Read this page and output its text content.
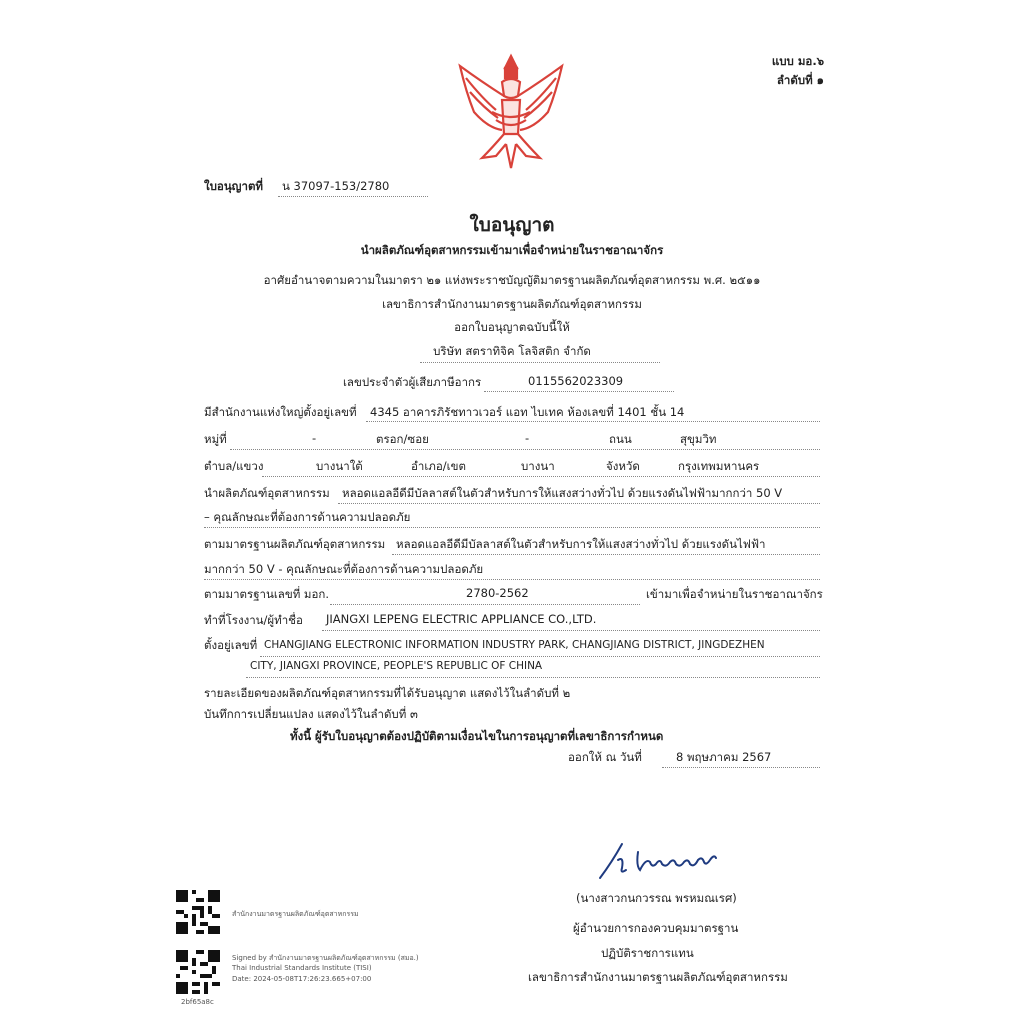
แบบ มอ.๖
ลำดับที่ ๑
ใบอนุญาตที่ น 37097-153/2780
ใบอนุญาต
นำผลิตภัณฑ์อุตสาหกรรมเข้ามาเพื่อจำหน่ายในราชอาณาจักร
อาศัยอำนาจตามความในมาตรา ๒๑ แห่งพระราชบัญญัติมาตรฐานผลิตภัณฑ์อุตสาหกรรม พ.ศ. ๒๕๑๑
เลขาธิการสำนักงานมาตรฐานผลิตภัณฑ์อุตสาหกรรม
ออกใบอนุญาตฉบับนี้ให้
บริษัท สตราทิจิค โลจิสติก จำกัด
เลขประจำตัวผู้เสียภาษีอากร	0115562023309
มีสำนักงานแห่งใหญ่ตั้งอยู่เลขที่ 4345 อาคารภิรัชทาวเวอร์ แอท ไบเทค ห้องเลขที่ 1401 ชั้น 14
หมู่ที่	-	ตรอก/ซอย	-	ถนน	สุขุมวิท
ตำบล/แขวง	บางนาใต้	อำเภอ/เขต	บางนา	จังหวัด	กรุงเทพมหานคร
นำผลิตภัณฑ์อุตสาหกรรม หลอดแอลอีดีมีบัลลาสต์ในตัวสำหรับการให้แสงสว่างทั่วไป ด้วยแรงดันไฟฟ้ามากกว่า 50 V
– คุณลักษณะที่ต้องการด้านความปลอดภัย
ตามมาตรฐานผลิตภัณฑ์อุตสาหกรรม หลอดแอลอีดีมีบัลลาสต์ในตัวสำหรับการให้แสงสว่างทั่วไป ด้วยแรงดันไฟฟ้า
มากกว่า 50 V - คุณลักษณะที่ต้องการด้านความปลอดภัย
ตามมาตรฐานเลขที่ มอก.	2780-2562	เข้ามาเพื่อจำหน่ายในราชอาณาจักร
ทำที่โรงงาน/ผู้ทำชื่อ JIANGXI LEPENG ELECTRIC APPLIANCE CO.,LTD.
ตั้งอยู่เลขที่ CHANGJIANG ELECTRONIC INFORMATION INDUSTRY PARK, CHANGJIANG DISTRICT, JINGDEZHEN
CITY, JIANGXI PROVINCE, PEOPLE'S REPUBLIC OF CHINA
รายละเอียดของผลิตภัณฑ์อุตสาหกรรมที่ได้รับอนุญาต แสดงไว้ในลำดับที่ ๒
บันทึกการเปลี่ยนแปลง แสดงไว้ในลำดับที่ ๓
ทั้งนี้ ผู้รับใบอนุญาตต้องปฏิบัติตามเงื่อนไขในการอนุญาตที่เลขาธิการกำหนด
ออกให้ ณ วันที่	8 พฤษภาคม 2567
(นางสาวกนกวรรณ พรหมณเรศ)
ผู้อำนวยการกองควบคุมมาตรฐาน
ปฏิบัติราชการแทน
เลขาธิการสำนักงานมาตรฐานผลิตภัณฑ์อุตสาหกรรม
สำนักงานมาตรฐานผลิตภัณฑ์อุตสาหกรรม
Signed by สำนักงานมาตรฐานผลิตภัณฑ์อุตสาหกรรม (สมอ.)
Thai Industrial Standards Institute (TISI)
Date: 2024-05-08T17:26:23.665+07:00
2bf65a8c
